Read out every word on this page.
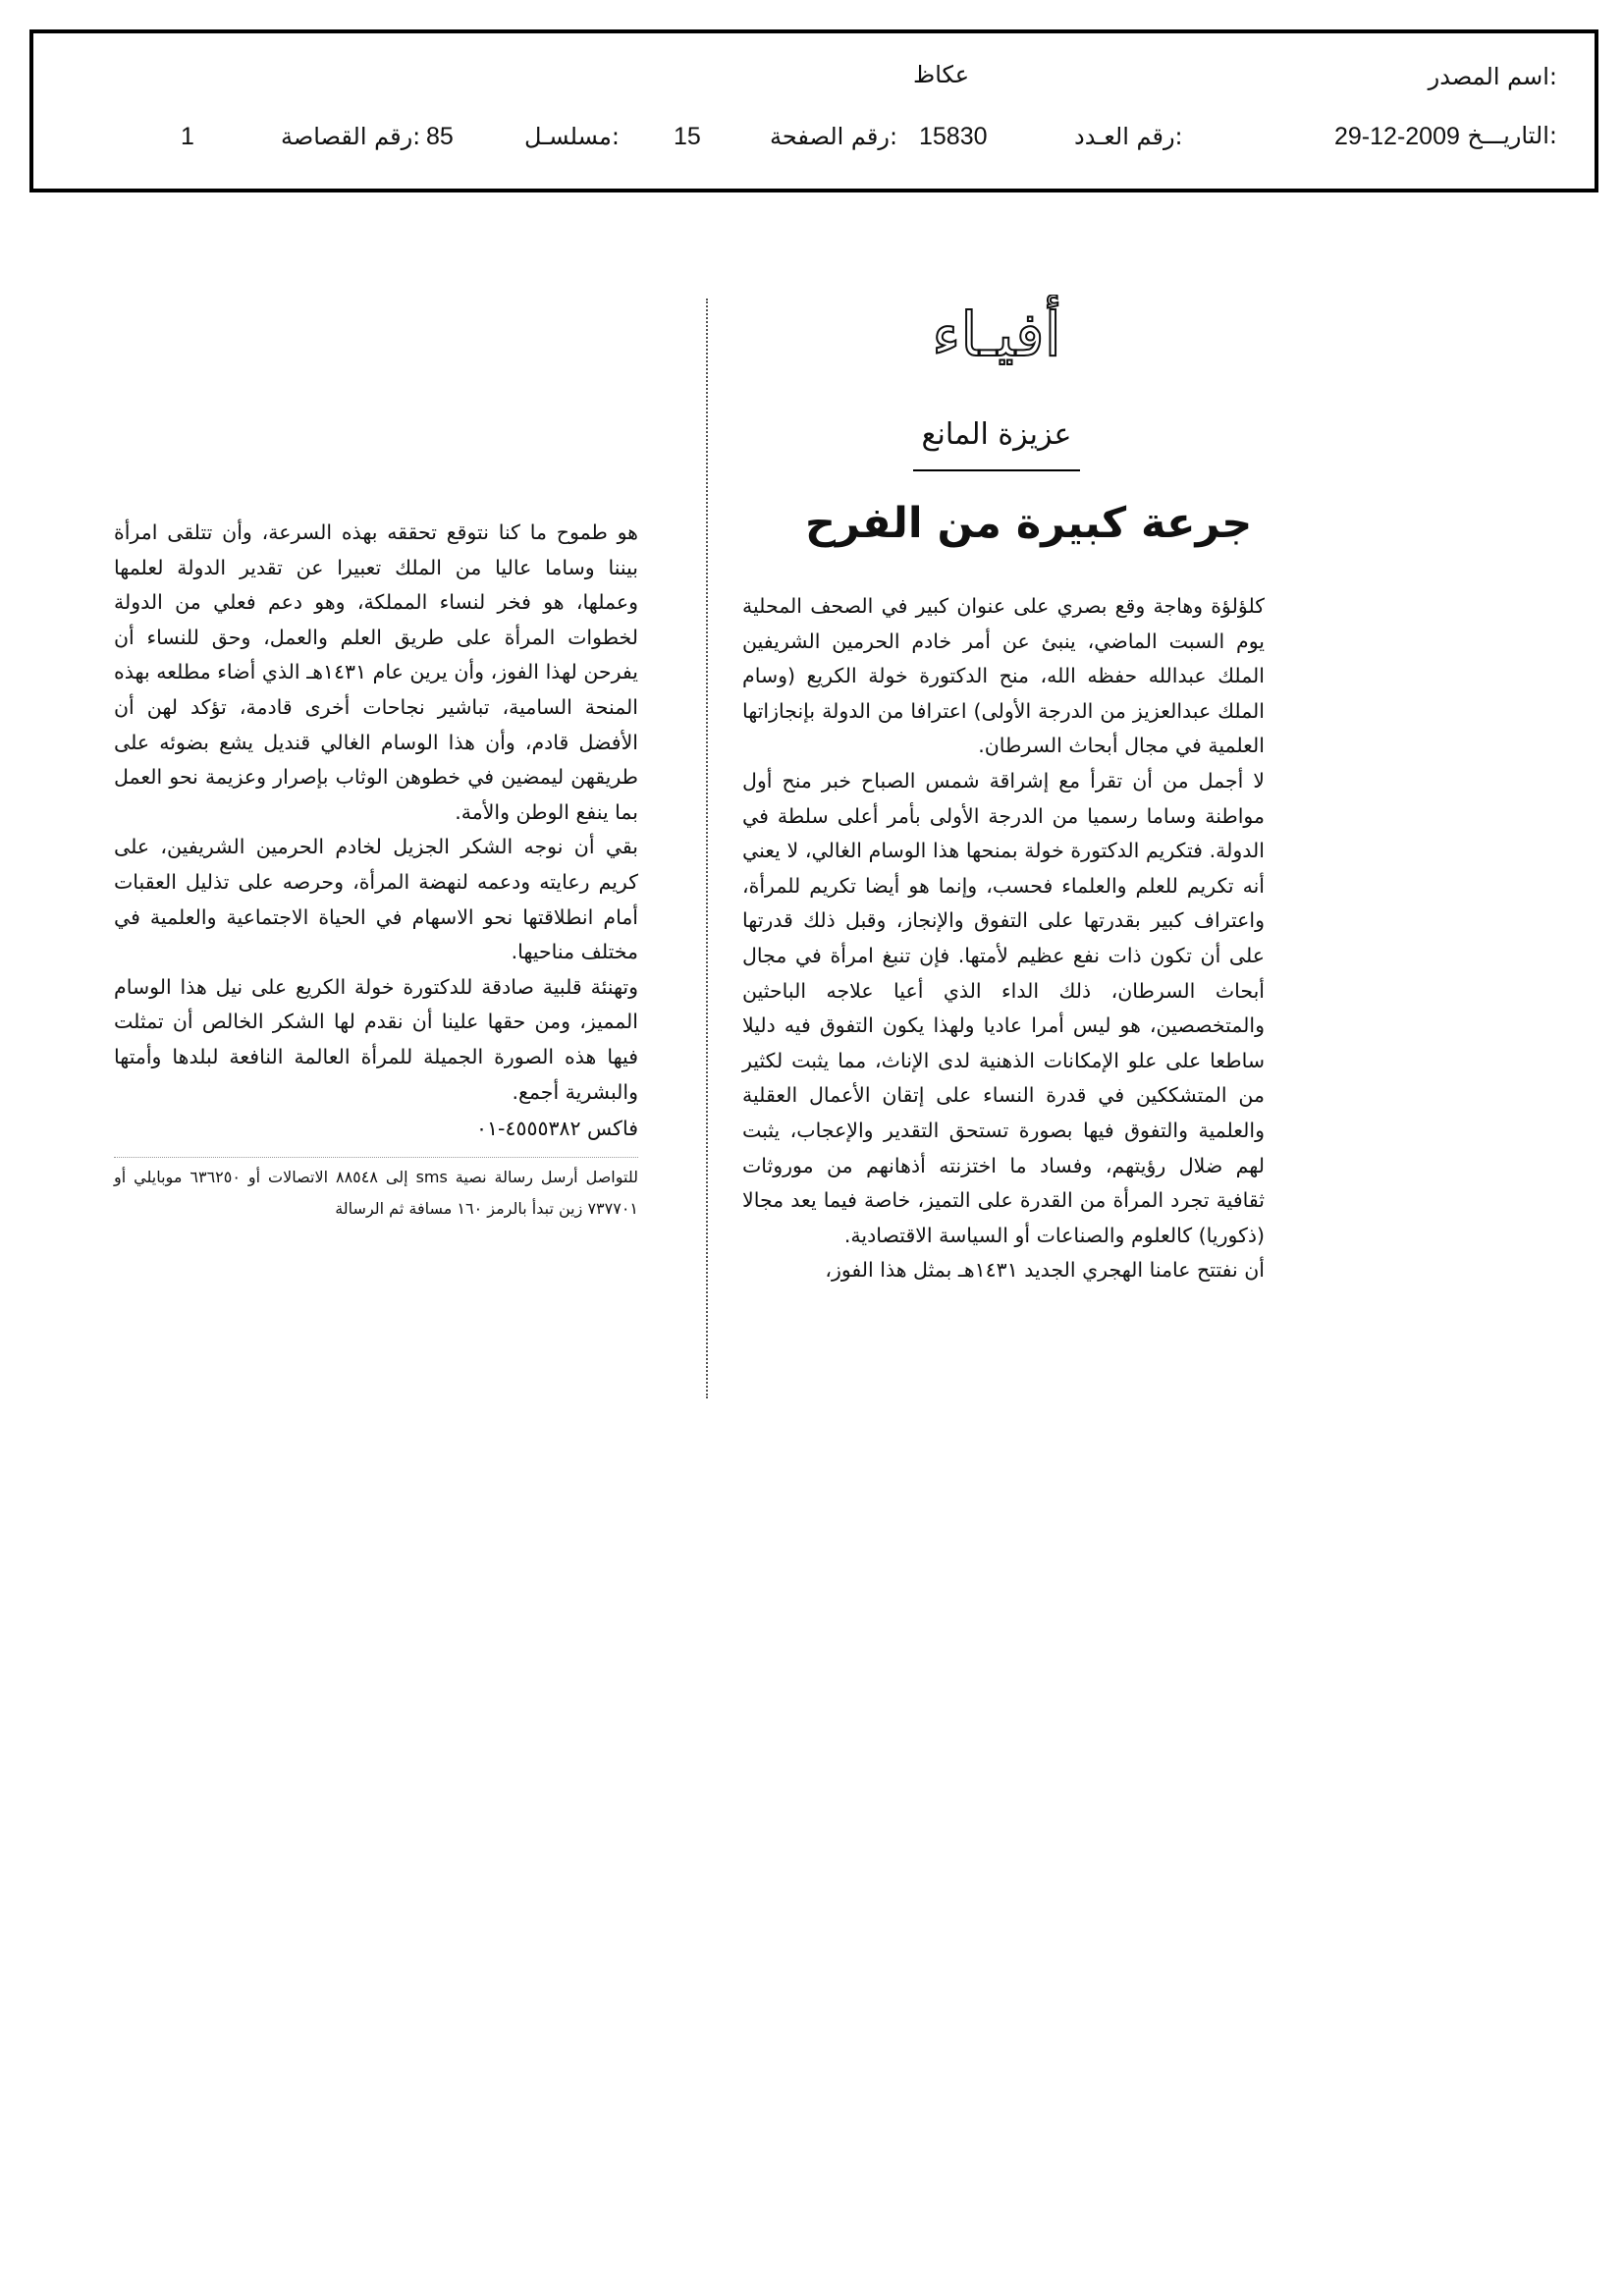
اسم المصدر:
عكاظ
التاريـــخ:
29-12-2009
رقم العـدد:
15830
رقم الصفحة:
15
مسلسـل:
85
رقم القصاصة:
1
أفيـاء
عزيزة المانع
جرعة كبيرة من الفرح

كلؤلؤة وهاجة وقع بصري على عنوان كبير في الصحف المحلية يوم السبت الماضي، ينبئ عن أمر خادم الحرمين الشريفين الملك عبدالله حفظه الله، منح الدكتورة خولة الكريع (وسام الملك عبدالعزيز من الدرجة الأولى) اعترافا من الدولة بإنجازاتها العلمية في مجال أبحاث السرطان.

لا أجمل من أن تقرأ مع إشراقة شمس الصباح خبر منح أول مواطنة وساما رسميا من الدرجة الأولى بأمر أعلى سلطة في الدولة. فتكريم الدكتورة خولة بمنحها هذا الوسام الغالي، لا يعني أنه تكريم للعلم والعلماء فحسب، وإنما هو أيضا تكريم للمرأة، واعتراف كبير بقدرتها على التفوق والإنجاز، وقبل ذلك قدرتها على أن تكون ذات نفع عظيم لأمتها. فإن تنبغ امرأة في مجال أبحاث السرطان، ذلك الداء الذي أعيا علاجه الباحثين والمتخصصين، هو ليس أمرا عاديا ولهذا يكون التفوق فيه دليلا ساطعا على علو الإمكانات الذهنية لدى الإناث، مما يثبت لكثير من المتشككين في قدرة النساء على إتقان الأعمال العقلية والعلمية والتفوق فيها بصورة تستحق التقدير والإعجاب، يثبت لهم ضلال رؤيتهم، وفساد ما اختزنته أذهانهم من موروثات ثقافية تجرد المرأة من القدرة على التميز، خاصة فيما يعد مجالا (ذكوريا) كالعلوم والصناعات أو السياسة الاقتصادية.

أن نفتتح عامنا الهجري الجديد ١٤٣١هـ بمثل هذا الفوز،

هو طموح ما كنا نتوقع تحققه بهذه السرعة، وأن تتلقى امرأة بيننا وساما عاليا من الملك تعبيرا عن تقدير الدولة لعلمها وعملها، هو فخر لنساء المملكة، وهو دعم فعلي من الدولة لخطوات المرأة على طريق العلم والعمل، وحق للنساء أن يفرحن لهذا الفوز، وأن يرين عام ١٤٣١هـ الذي أضاء مطلعه بهذه المنحة السامية، تباشير نجاحات أخرى قادمة، تؤكد لهن أن الأفضل قادم، وأن هذا الوسام الغالي قنديل يشع بضوئه على طريقهن ليمضين في خطوهن الوثاب بإصرار وعزيمة نحو العمل بما ينفع الوطن والأمة.

بقي أن نوجه الشكر الجزيل لخادم الحرمين الشريفين، على كريم رعايته ودعمه لنهضة المرأة، وحرصه على تذليل العقبات أمام انطلاقتها نحو الاسهام في الحياة الاجتماعية والعلمية في مختلف مناحيها.

وتهنئة قلبية صادقة للدكتورة خولة الكريع على نيل هذا الوسام المميز، ومن حقها علينا أن نقدم لها الشكر الخالص أن تمثلت فيها هذه الصورة الجميلة للمرأة العالمة النافعة لبلدها وأمتها والبشرية أجمع.

فاكس ٤٥٥٥٣٨٢-٠١

للتواصل أرسل رسالة نصية sms إلى ٨٨٥٤٨ الاتصالات أو ٦٣٦٢٥٠ موبايلي أو ٧٣٧٧٠١ زين تبدأ بالرمز ١٦٠ مسافة ثم الرسالة
